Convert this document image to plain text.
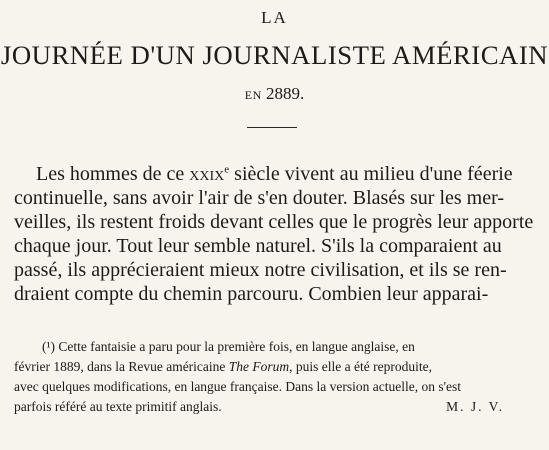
LA
JOURNÉE D'UN JOURNALISTE AMÉRICAIN
en 2889.
Les hommes de ce xxix$^e$ siècle vivent au milieu d'une féerie
continuelle, sans avoir l'air de s'en douter. Blasés sur les mer-
veilles, ils restent froids devant celles que le progrès leur apporte
chaque jour. Tout leur semble naturel. S'ils la comparaient au
passé, ils apprécieraient mieux notre civilisation, et ils se ren-
draient compte du chemin parcouru. Combien leur apparai-
(¹) Cette fantaisie a paru pour la première fois, en langue anglaise, en
février 1889, dans la Revue américaine The Forum, puis elle a été reproduite,
avec quelques modifications, en langue française. Dans la version actuelle, on s'est
parfois référé au texte primitif anglais.	M. J. V.
